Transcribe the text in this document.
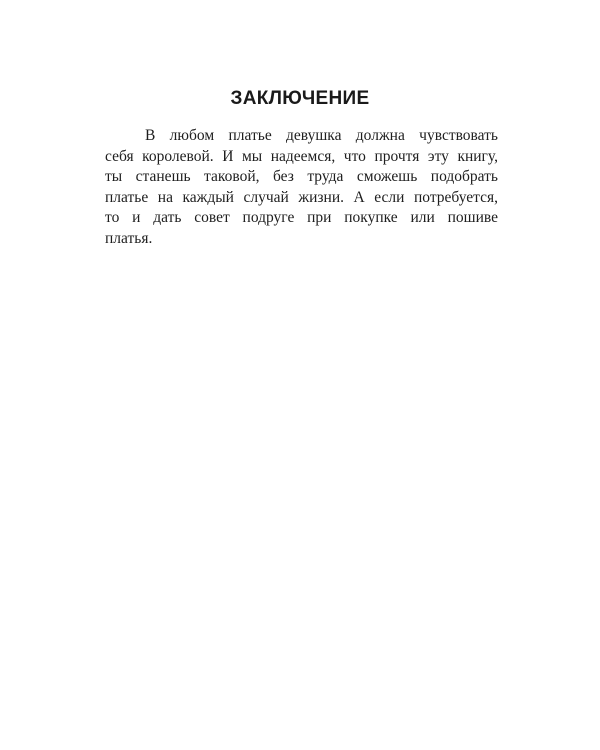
ЗАКЛЮЧЕНИЕ
В любом платье девушка должна чувствовать
себя королевой. И мы надеемся, что прочтя эту книгу,
ты станешь таковой, без труда сможешь подобрать
платье на каждый случай жизни. А если потребуется,
то и дать совет подруге при покупке или пошиве
платья.
